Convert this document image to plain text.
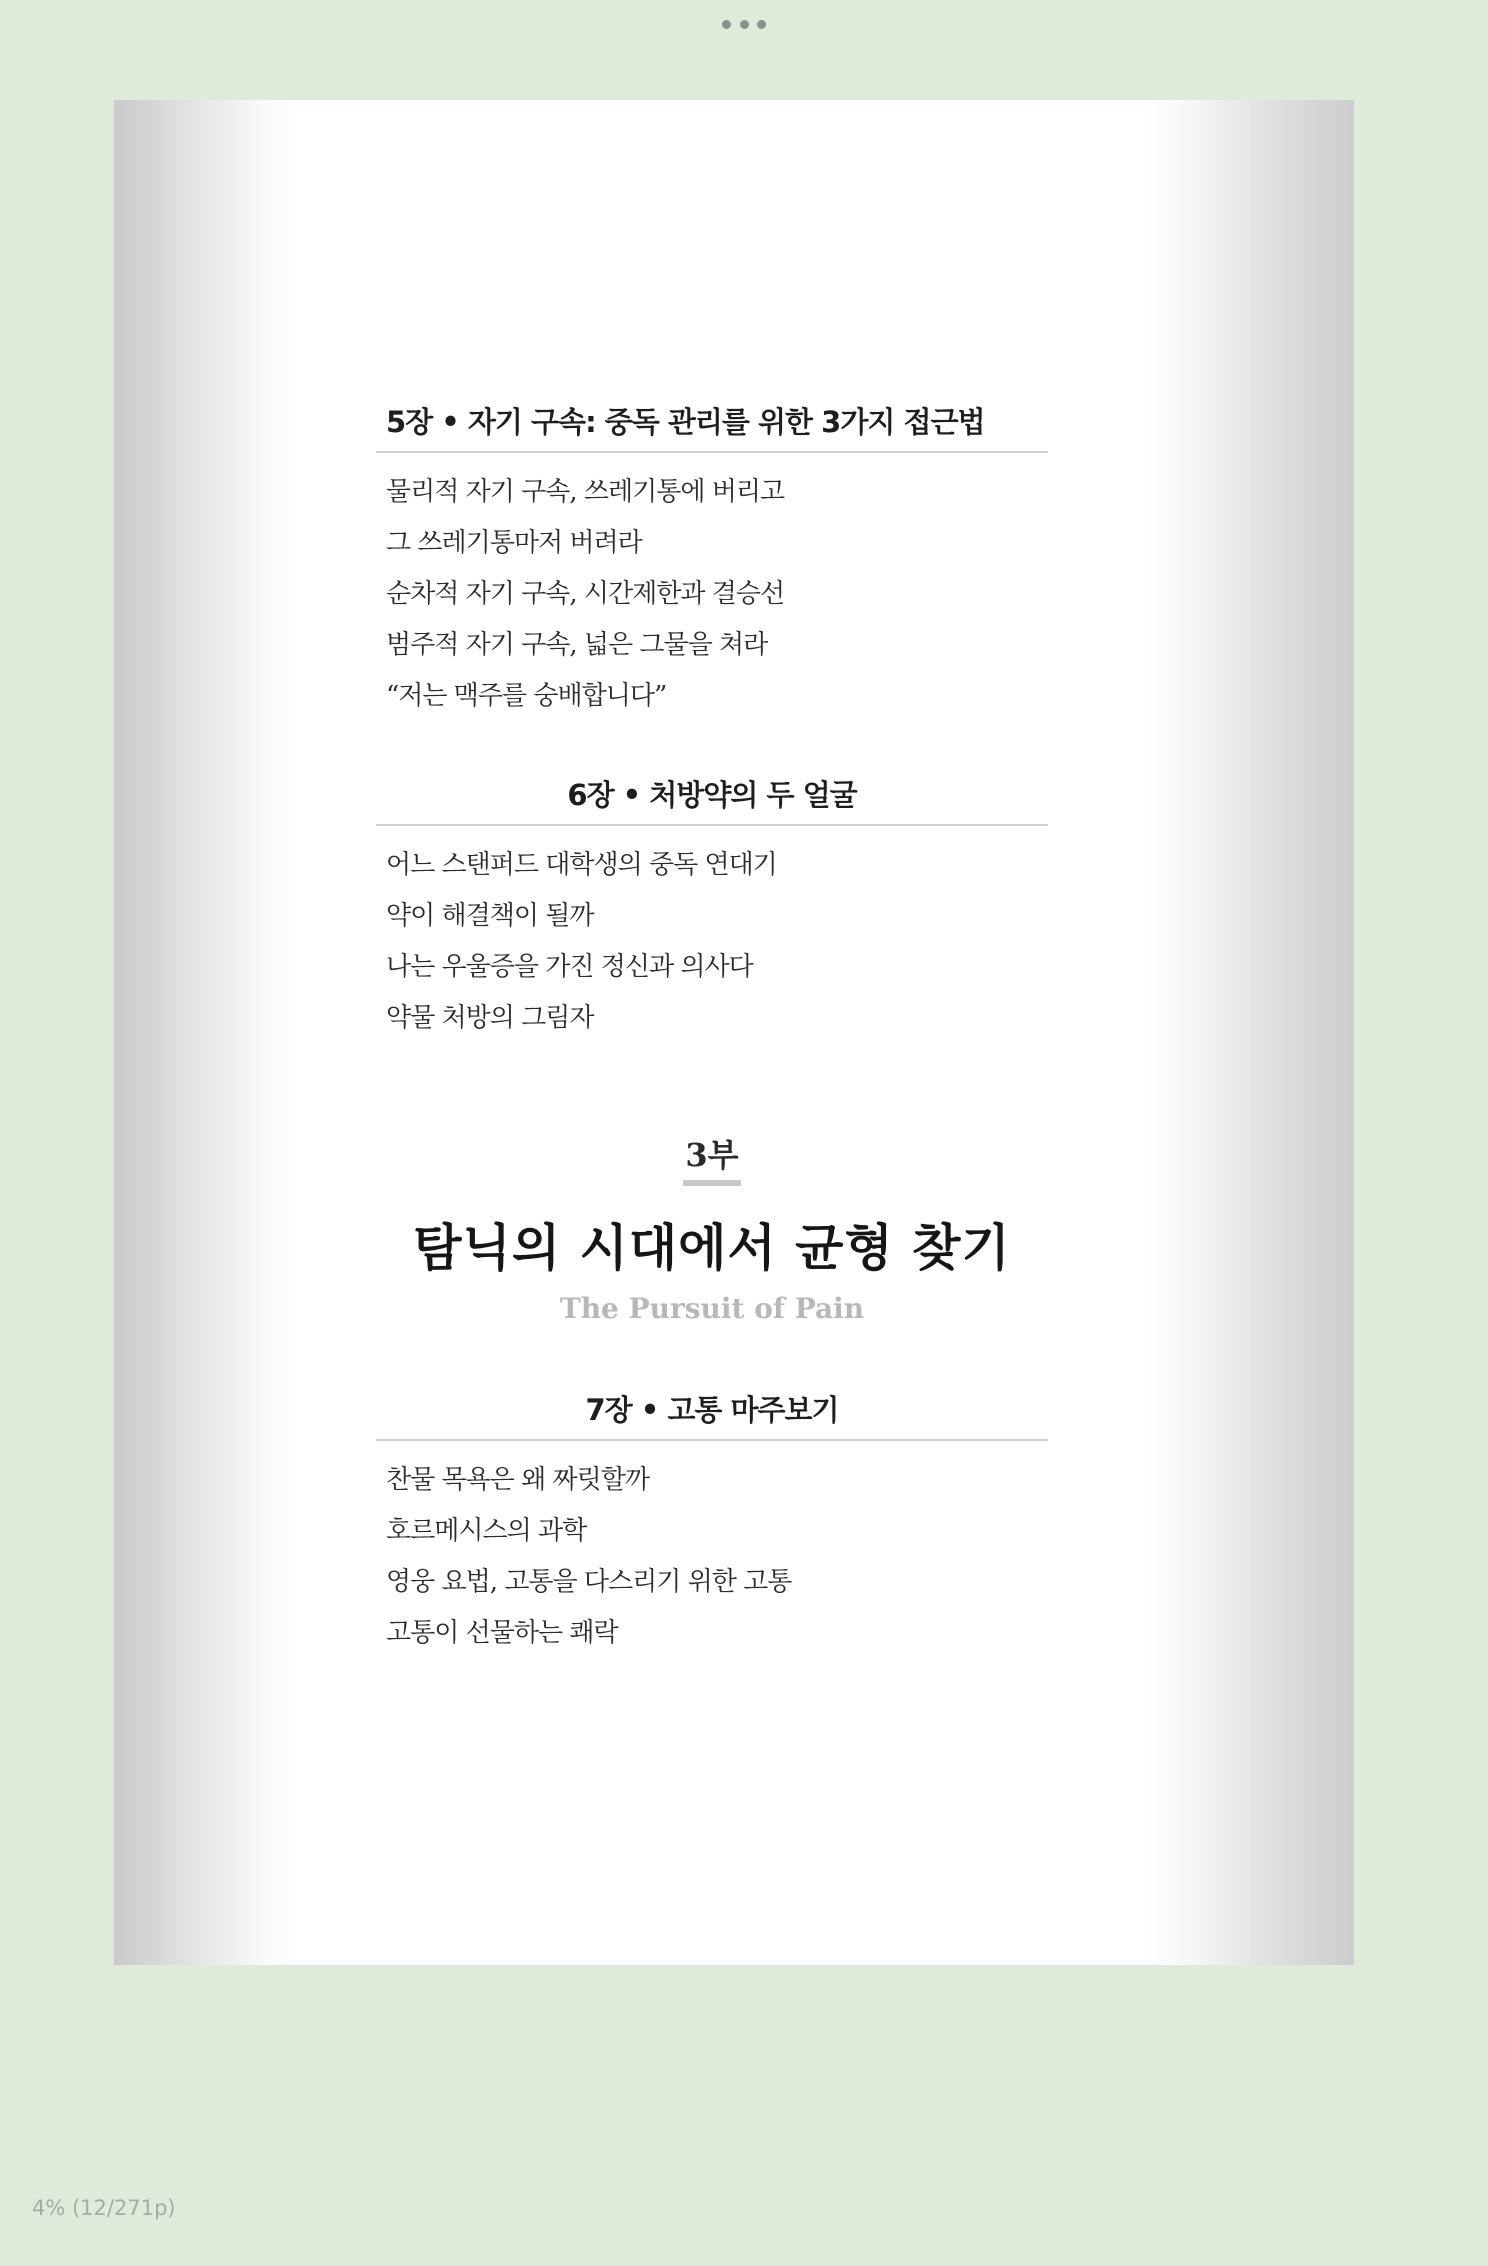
5장 • 자기 구속: 중독 관리를 위한 3가지 접근법
물리적 자기 구속, 쓰레기통에 버리고
그 쓰레기통마저 버려라
순차적 자기 구속, 시간제한과 결승선
범주적 자기 구속, 넓은 그물을 쳐라
“저는 맥주를 숭배합니다”
6장 • 처방약의 두 얼굴
어느 스탠퍼드 대학생의 중독 연대기
약이 해결책이 될까
나는 우울증을 가진 정신과 의사다
약물 처방의 그림자
3부
탐닉의 시대에서 균형 찾기
The Pursuit of Pain
7장 • 고통 마주보기
찬물 목욕은 왜 짜릿할까
호르메시스의 과학
영웅 요법, 고통을 다스리기 위한 고통
고통이 선물하는 쾌락
4% (12/271p)
